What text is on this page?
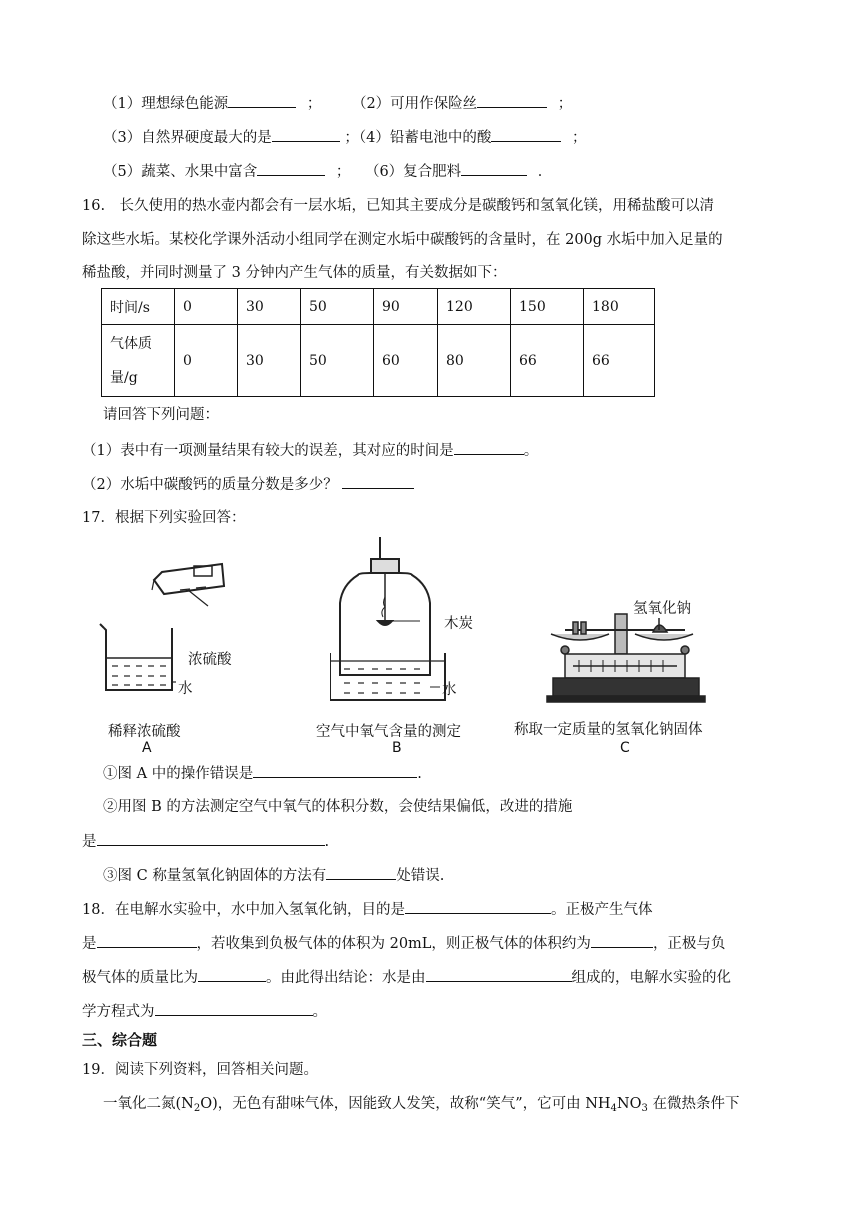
（1）理想绿色能源	； （2）可用作保险丝	；
（3）自然界硬度最大的是	；（4）铅蓄电池中的酸	；
（5）蔬菜、水果中富含	； （6）复合肥料	．
16.　长久使用的热水壶内都会有一层水垢，已知其主要成分是碳酸钙和氢氧化镁，用稀盐酸可以清
除这些水垢。某校化学课外活动小组同学在测定水垢中碳酸钙的含量时，在 200g 水垢中加入足量的
稀盐酸，并同时测量了 3 分钟内产生气体的质量，有关数据如下：
时间/s	0	30	50	90	120	150	180
气体质
量/g	0	30	50	60	80	66	66
请回答下列问题：
（1）表中有一项测量结果有较大的误差，其对应的时间是	。
（2）水垢中碳酸钙的质量分数是多少？
17．根据下列实验回答：
浓硫酸
水
稀释浓硫酸
A
木炭
水
空气中氧气含量的测定
B
氢氧化钠
称取一定质量的氢氧化钠固体
C
①图 A 中的操作错误是	.
②用图 B 的方法测定空气中氧气的体积分数，会使结果偏低，改进的措施
是	.
③图 C 称量氢氧化钠固体的方法有	处错误.
18．在电解水实验中，水中加入氢氧化钠，目的是	。正极产生气体
是	，若收集到负极气体的体积为 20mL，则正极气体的体积约为	，正极与负
极气体的质量比为	。由此得出结论：水是由	组成的，电解水实验的化
学方程式为	。
三、综合题
19．阅读下列资料，回答相关问题。
一氧化二氮$(N_2O)$，无色有甜味气体，因能致人发笑，故称“笑气”，它可由 $NH_4NO_3$ 在微热条件下
